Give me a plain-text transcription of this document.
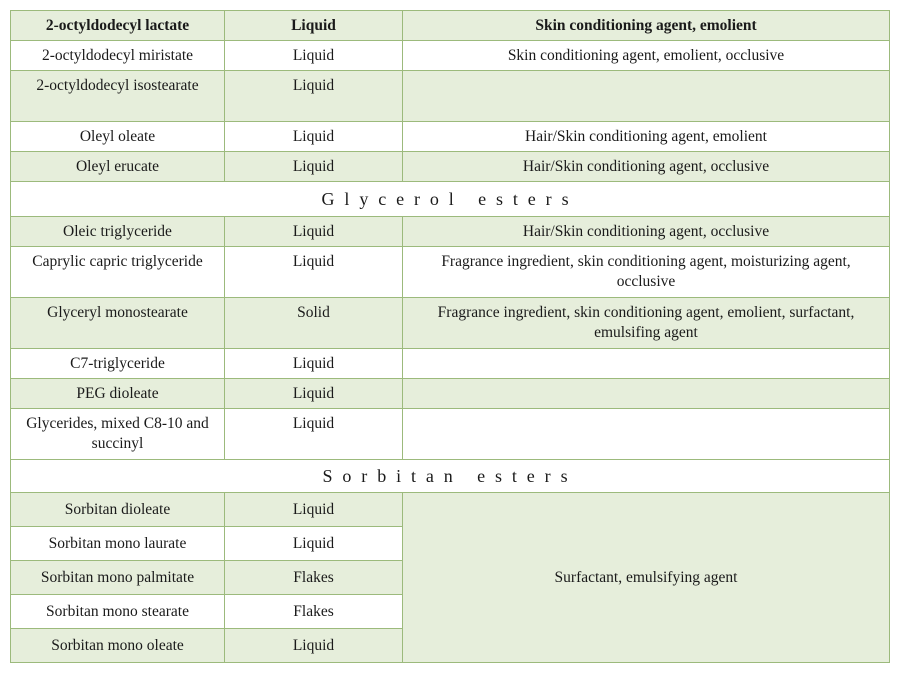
2-octyldodecyl lactate	Liquid	Skin conditioning agent, emolient
2-octyldodecyl miristate	Liquid	Skin conditioning agent, emolient, occlusive
2-octyldodecyl isostearate	Liquid	
Oleyl oleate	Liquid	Hair/Skin conditioning agent, emolient
Oleyl erucate	Liquid	Hair/Skin conditioning agent, occlusive
Glycerol esters		
Oleic triglyceride	Liquid	Hair/Skin conditioning agent, occlusive
Caprylic capric triglyceride	Liquid	Fragrance ingredient, skin conditioning agent, moisturizing agent, occlusive
Glyceryl monostearate	Solid	Fragrance ingredient, skin conditioning agent, emolient, surfactant, emulsifing agent
C7-triglyceride	Liquid	
PEG dioleate	Liquid	
Glycerides, mixed C8-10 and succinyl	Liquid	
Sorbitan esters		
Sorbitan dioleate	Liquid	Surfactant, emulsifying agent
Sorbitan mono laurate	Liquid	
Sorbitan mono palmitate	Flakes	
Sorbitan mono stearate	Flakes	
Sorbitan mono oleate	Liquid	
